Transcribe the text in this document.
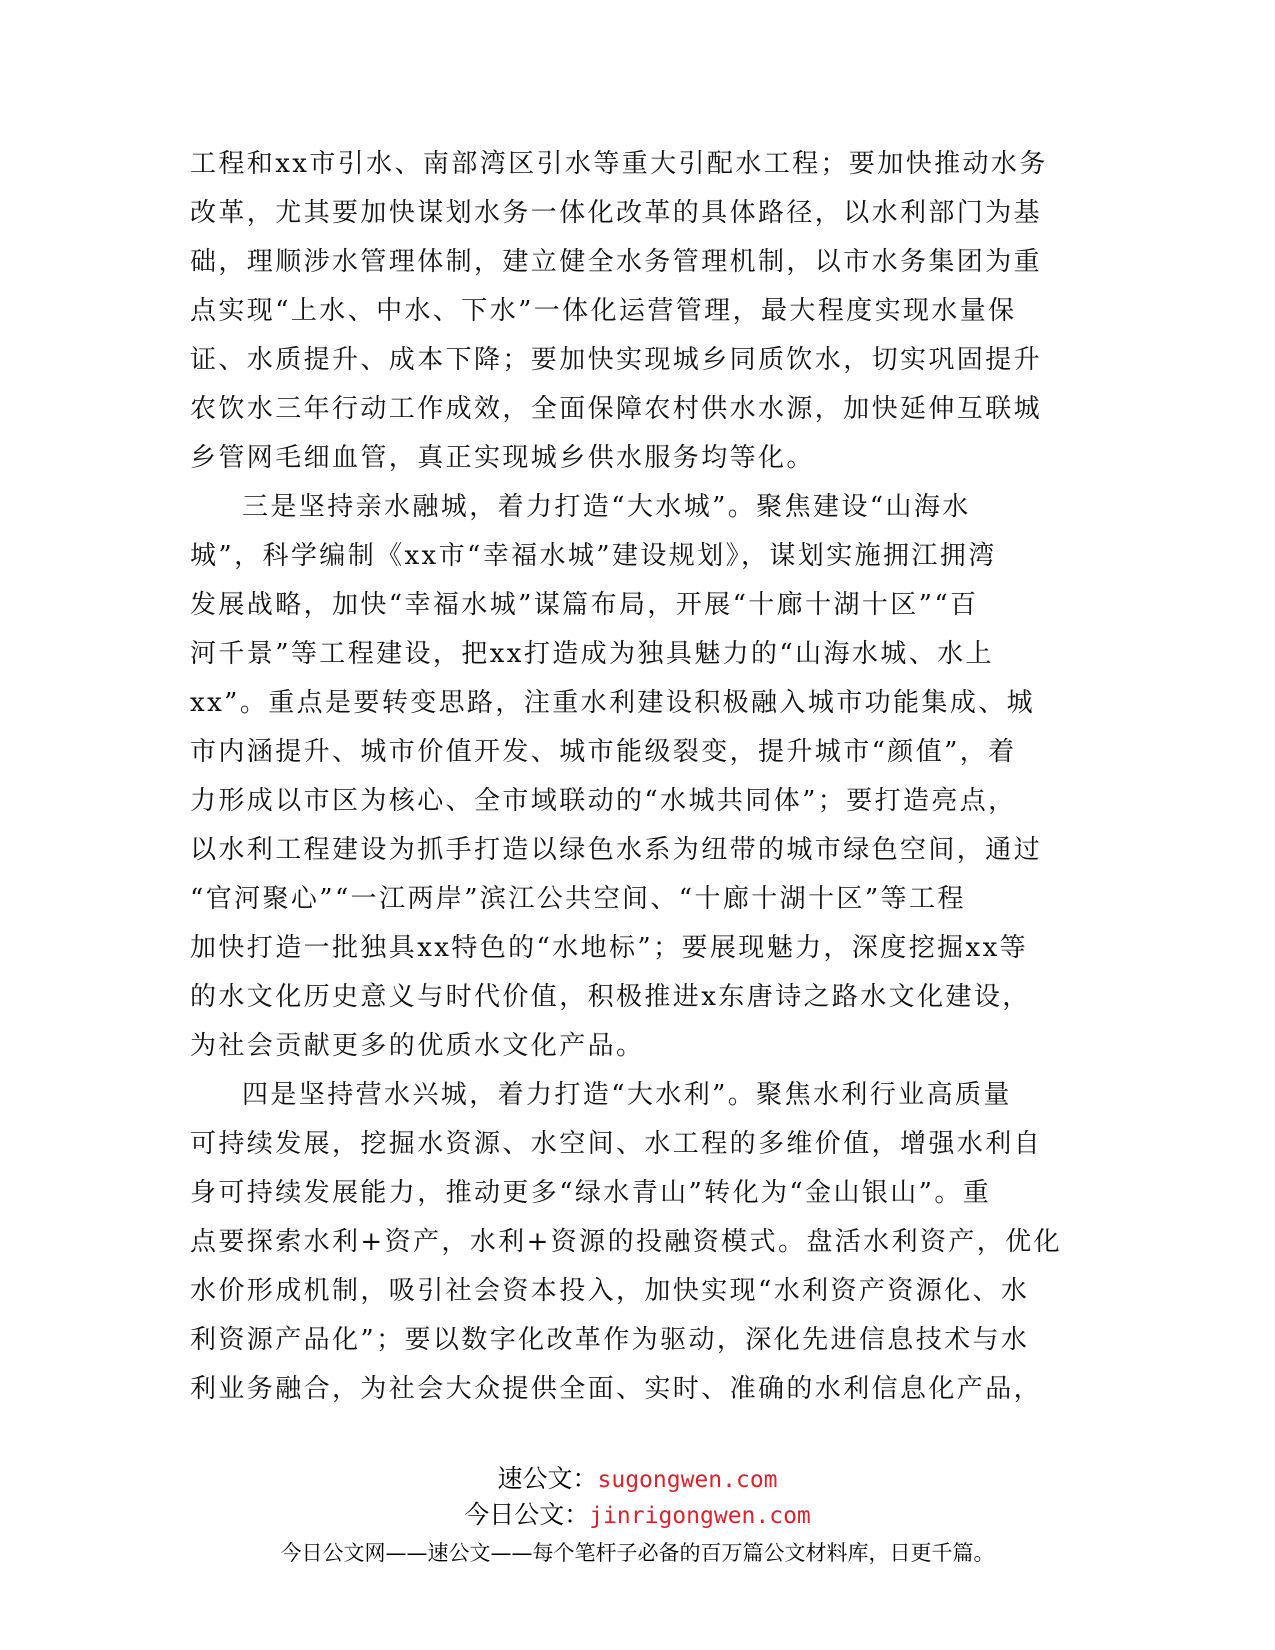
工程和xx市引水、南部湾区引水等重大引配水工程；要加快推动水务
改革，尤其要加快谋划水务一体化改革的具体路径，以水利部门为基
础，理顺涉水管理体制，建立健全水务管理机制，以市水务集团为重
点实现“上水、中水、下水”一体化运营管理，最大程度实现水量保
证、水质提升、成本下降；要加快实现城乡同质饮水，切实巩固提升
农饮水三年行动工作成效，全面保障农村供水水源，加快延伸互联城
乡管网毛细血管，真正实现城乡供水服务均等化。
三是坚持亲水融城，着力打造“大水城”。聚焦建设“山海水
城”，科学编制《xx市“幸福水城”建设规划》，谋划实施拥江拥湾
发展战略，加快“幸福水城”谋篇布局，开展“十廊十湖十区”“百
河千景”等工程建设，把xx打造成为独具魅力的“山海水城、水上
xx”。重点是要转变思路，注重水利建设积极融入城市功能集成、城
市内涵提升、城市价值开发、城市能级裂变，提升城市“颜值”，着
力形成以市区为核心、全市域联动的“水城共同体”；要打造亮点，
以水利工程建设为抓手打造以绿色水系为纽带的城市绿色空间，通过
“官河聚心”“一江两岸”滨江公共空间、“十廊十湖十区”等工程
加快打造一批独具xx特色的“水地标”；要展现魅力，深度挖掘xx等
的水文化历史意义与时代价值，积极推进x东唐诗之路水文化建设，
为社会贡献更多的优质水文化产品。
四是坚持营水兴城，着力打造“大水利”。聚焦水利行业高质量
可持续发展，挖掘水资源、水空间、水工程的多维价值，增强水利自
身可持续发展能力，推动更多“绿水青山”转化为“金山银山”。重
点要探索水利+资产，水利+资源的投融资模式。盘活水利资产，优化
水价形成机制，吸引社会资本投入，加快实现“水利资产资源化、水
利资源产品化”；要以数字化改革作为驱动，深化先进信息技术与水
利业务融合，为社会大众提供全面、实时、准确的水利信息化产品，
速公文：sugongwen.com
今日公文：jinrigongwen.com
今日公文网——速公文——每个笔杆子必备的百万篇公文材料库，日更千篇。
